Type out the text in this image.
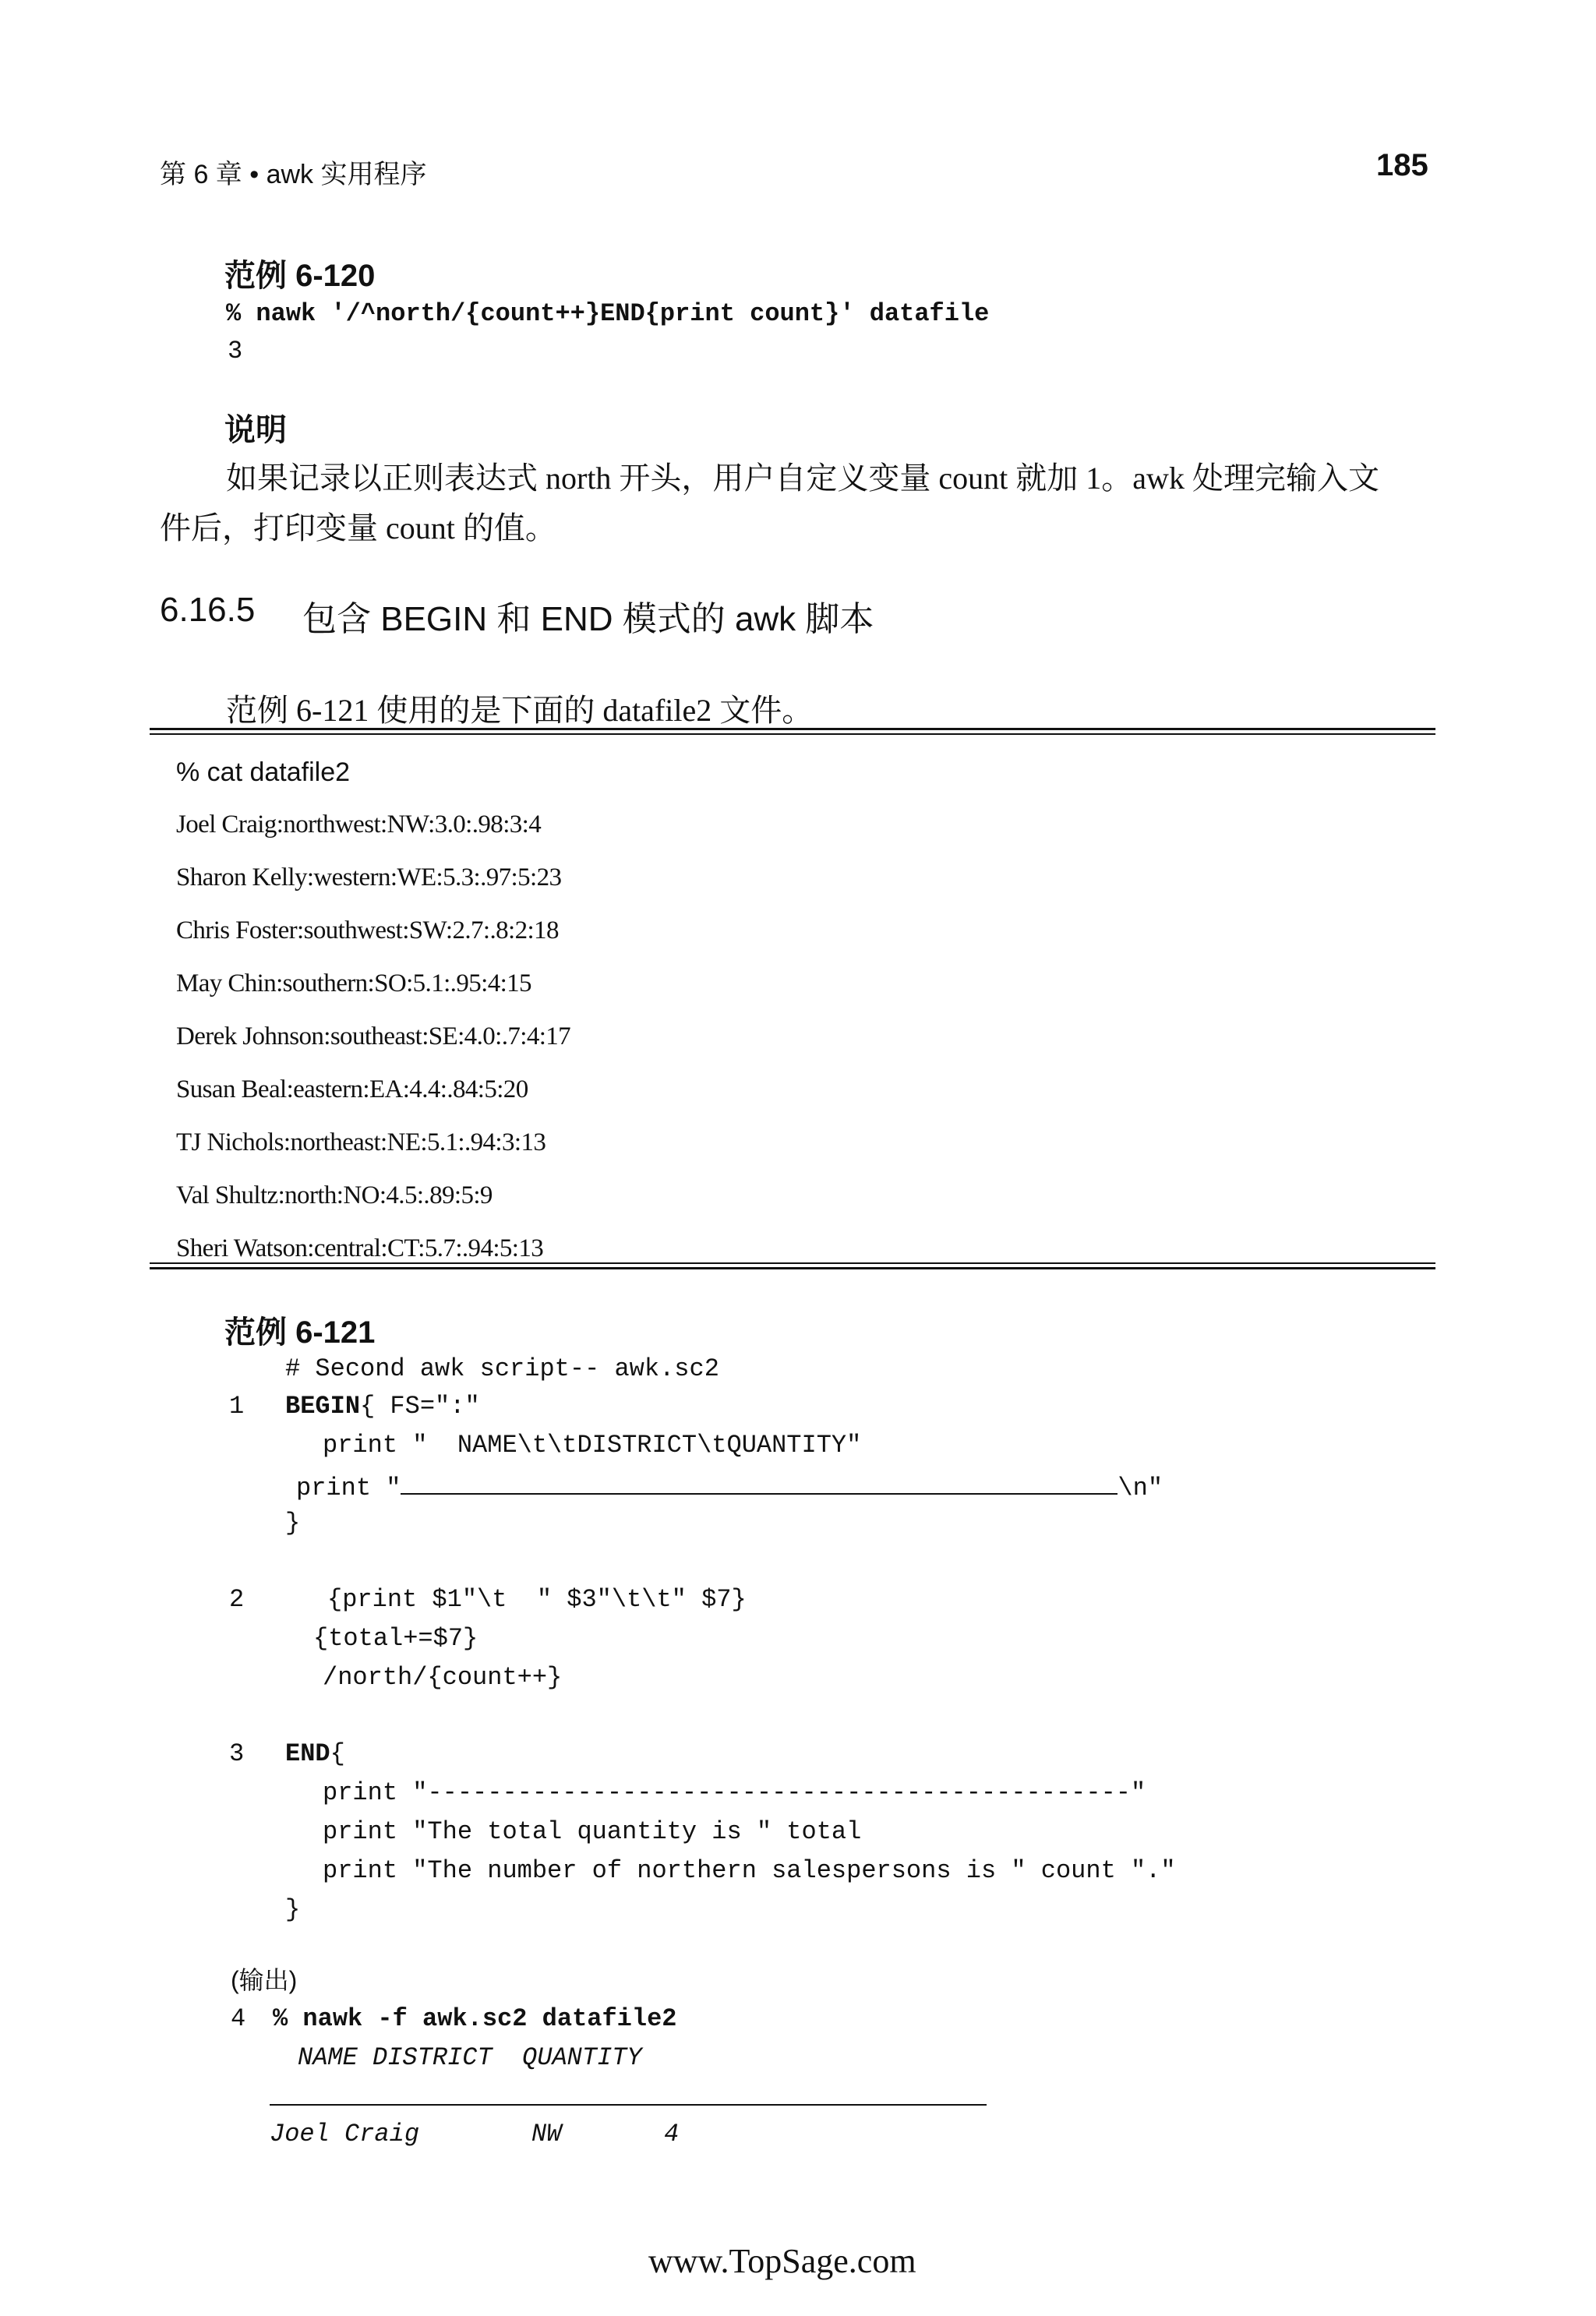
第 6 章 • awk 实用程序	185
范例 6-120
% nawk '/^north/{count++}END{print count}' datafile
3
说明
如果记录以正则表达式 north 开头，用户自定义变量 count 就加 1。awk 处理完输入文
件后，打印变量 count 的值。
6.16.5 包含 BEGIN 和 END 模式的 awk 脚本
范例 6-121 使用的是下面的 datafile2 文件。
% cat datafile2
Joel Craig:northwest:NW:3.0:.98:3:4
Sharon Kelly:western:WE:5.3:.97:5:23
Chris Foster:southwest:SW:2.7:.8:2:18
May Chin:southern:SO:5.1:.95:4:15
Derek Johnson:southeast:SE:4.0:.7:4:17
Susan Beal:eastern:EA:4.4:.84:5:20
TJ Nichols:northeast:NE:5.1:.94:3:13
Val Shultz:north:NO:4.5:.89:5:9
Sheri Watson:central:CT:5.7:.94:5:13
范例 6-121
# Second awk script-- awk.sc2
1 BEGIN{ FS=":"
print "  NAME\t\tDISTRICT\tQUANTITY"
print "	\n"
}
2	{print $1"\t  " $3"\t\t" $7}
{total+=$7}
/north/{count++}
3 END{
print "-----------------------------------------------"
print "The total quantity is " total
print "The number of northern salespersons is " count "."
}
(输出)
4 % nawk -f awk.sc2 datafile2
NAME DISTRICT  QUANTITY
Joel Craig	NW	4
www.TopSage.com
